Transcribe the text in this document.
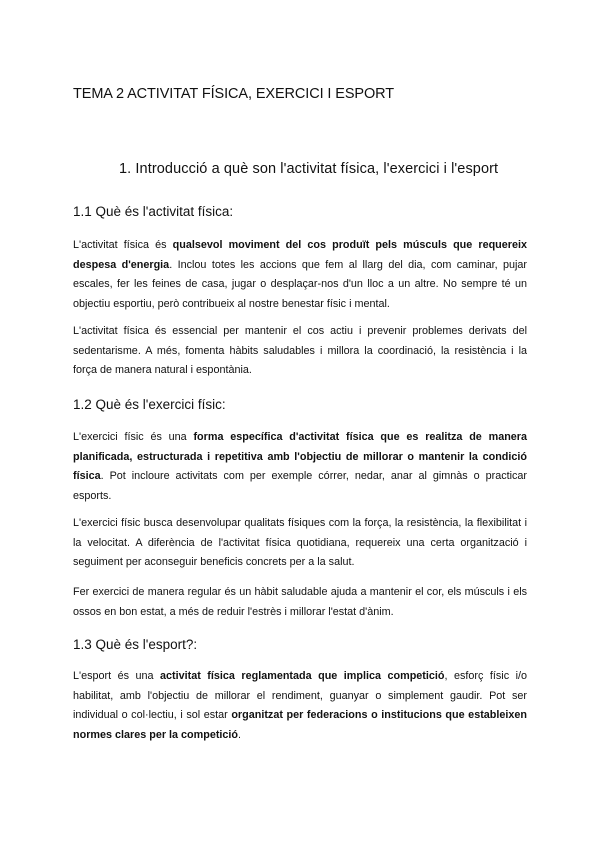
TEMA 2 ACTIVITAT FÍSICA, EXERCICI I ESPORT
1. Introducció a què son l'activitat física, l'exercici i l'esport
1.1 Què és l'activitat física:

L'activitat física és qualsevol moviment del cos produït pels músculs que requereix despesa d'energia. Inclou totes les accions que fem al llarg del dia, com caminar, pujar escales, fer les feines de casa, jugar o desplaçar-nos d'un lloc a un altre. No sempre té un objectiu esportiu, però contribueix al nostre benestar físic i mental.

L'activitat física és essencial per mantenir el cos actiu i prevenir problemes derivats del sedentarisme. A més, fomenta hàbits saludables i millora la coordinació, la resistència i la força de manera natural i espontània.

1.2 Què és l'exercici físic:

L'exercici físic és una forma específica d'activitat física que es realitza de manera planificada, estructurada i repetitiva amb l'objectiu de millorar o mantenir la condició física. Pot incloure activitats com per exemple córrer, nedar, anar al gimnàs o practicar esports.

L'exercici físic busca desenvolupar qualitats físiques com la força, la resistència, la flexibilitat i la velocitat. A diferència de l'activitat física quotidiana, requereix una certa organització i seguiment per aconseguir beneficis concrets per a la salut.

Fer exercici de manera regular és un hàbit saludable ajuda a mantenir el cor, els músculs i els ossos en bon estat, a més de reduir l'estrès i millorar l'estat d'ànim.

1.3 Què és l'esport?:

L'esport és una activitat física reglamentada que implica competició, esforç físic i/o habilitat, amb l'objectiu de millorar el rendiment, guanyar o simplement gaudir. Pot ser individual o col·lectiu, i sol estar organitzat per federacions o institucions que estableixen normes clares per la competició.
